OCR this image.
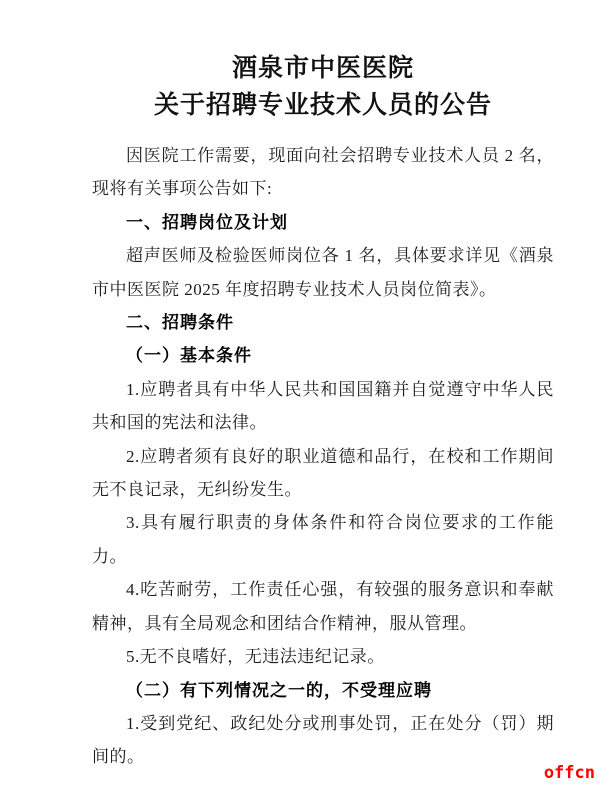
酒泉市中医医院
关于招聘专业技术人员的公告

因医院工作需要，现面向社会招聘专业技术人员 2 名，现将有关事项公告如下:

一、招聘岗位及计划

超声医师及检验医师岗位各 1 名，具体要求详见《酒泉市中医医院 2025 年度招聘专业技术人员岗位简表》。

二、招聘条件

（一）基本条件

1.应聘者具有中华人民共和国国籍并自觉遵守中华人民共和国的宪法和法律。

2.应聘者须有良好的职业道德和品行，在校和工作期间无不良记录，无纠纷发生。

3.具有履行职责的身体条件和符合岗位要求的工作能力。

4.吃苦耐劳，工作责任心强，有较强的服务意识和奉献精神，具有全局观念和团结合作精神，服从管理。

5.无不良嗜好，无违法违纪记录。

（二）有下列情况之一的，不受理应聘

1.受到党纪、政纪处分或刑事处罚，正在处分（罚）期间的。

offcn
